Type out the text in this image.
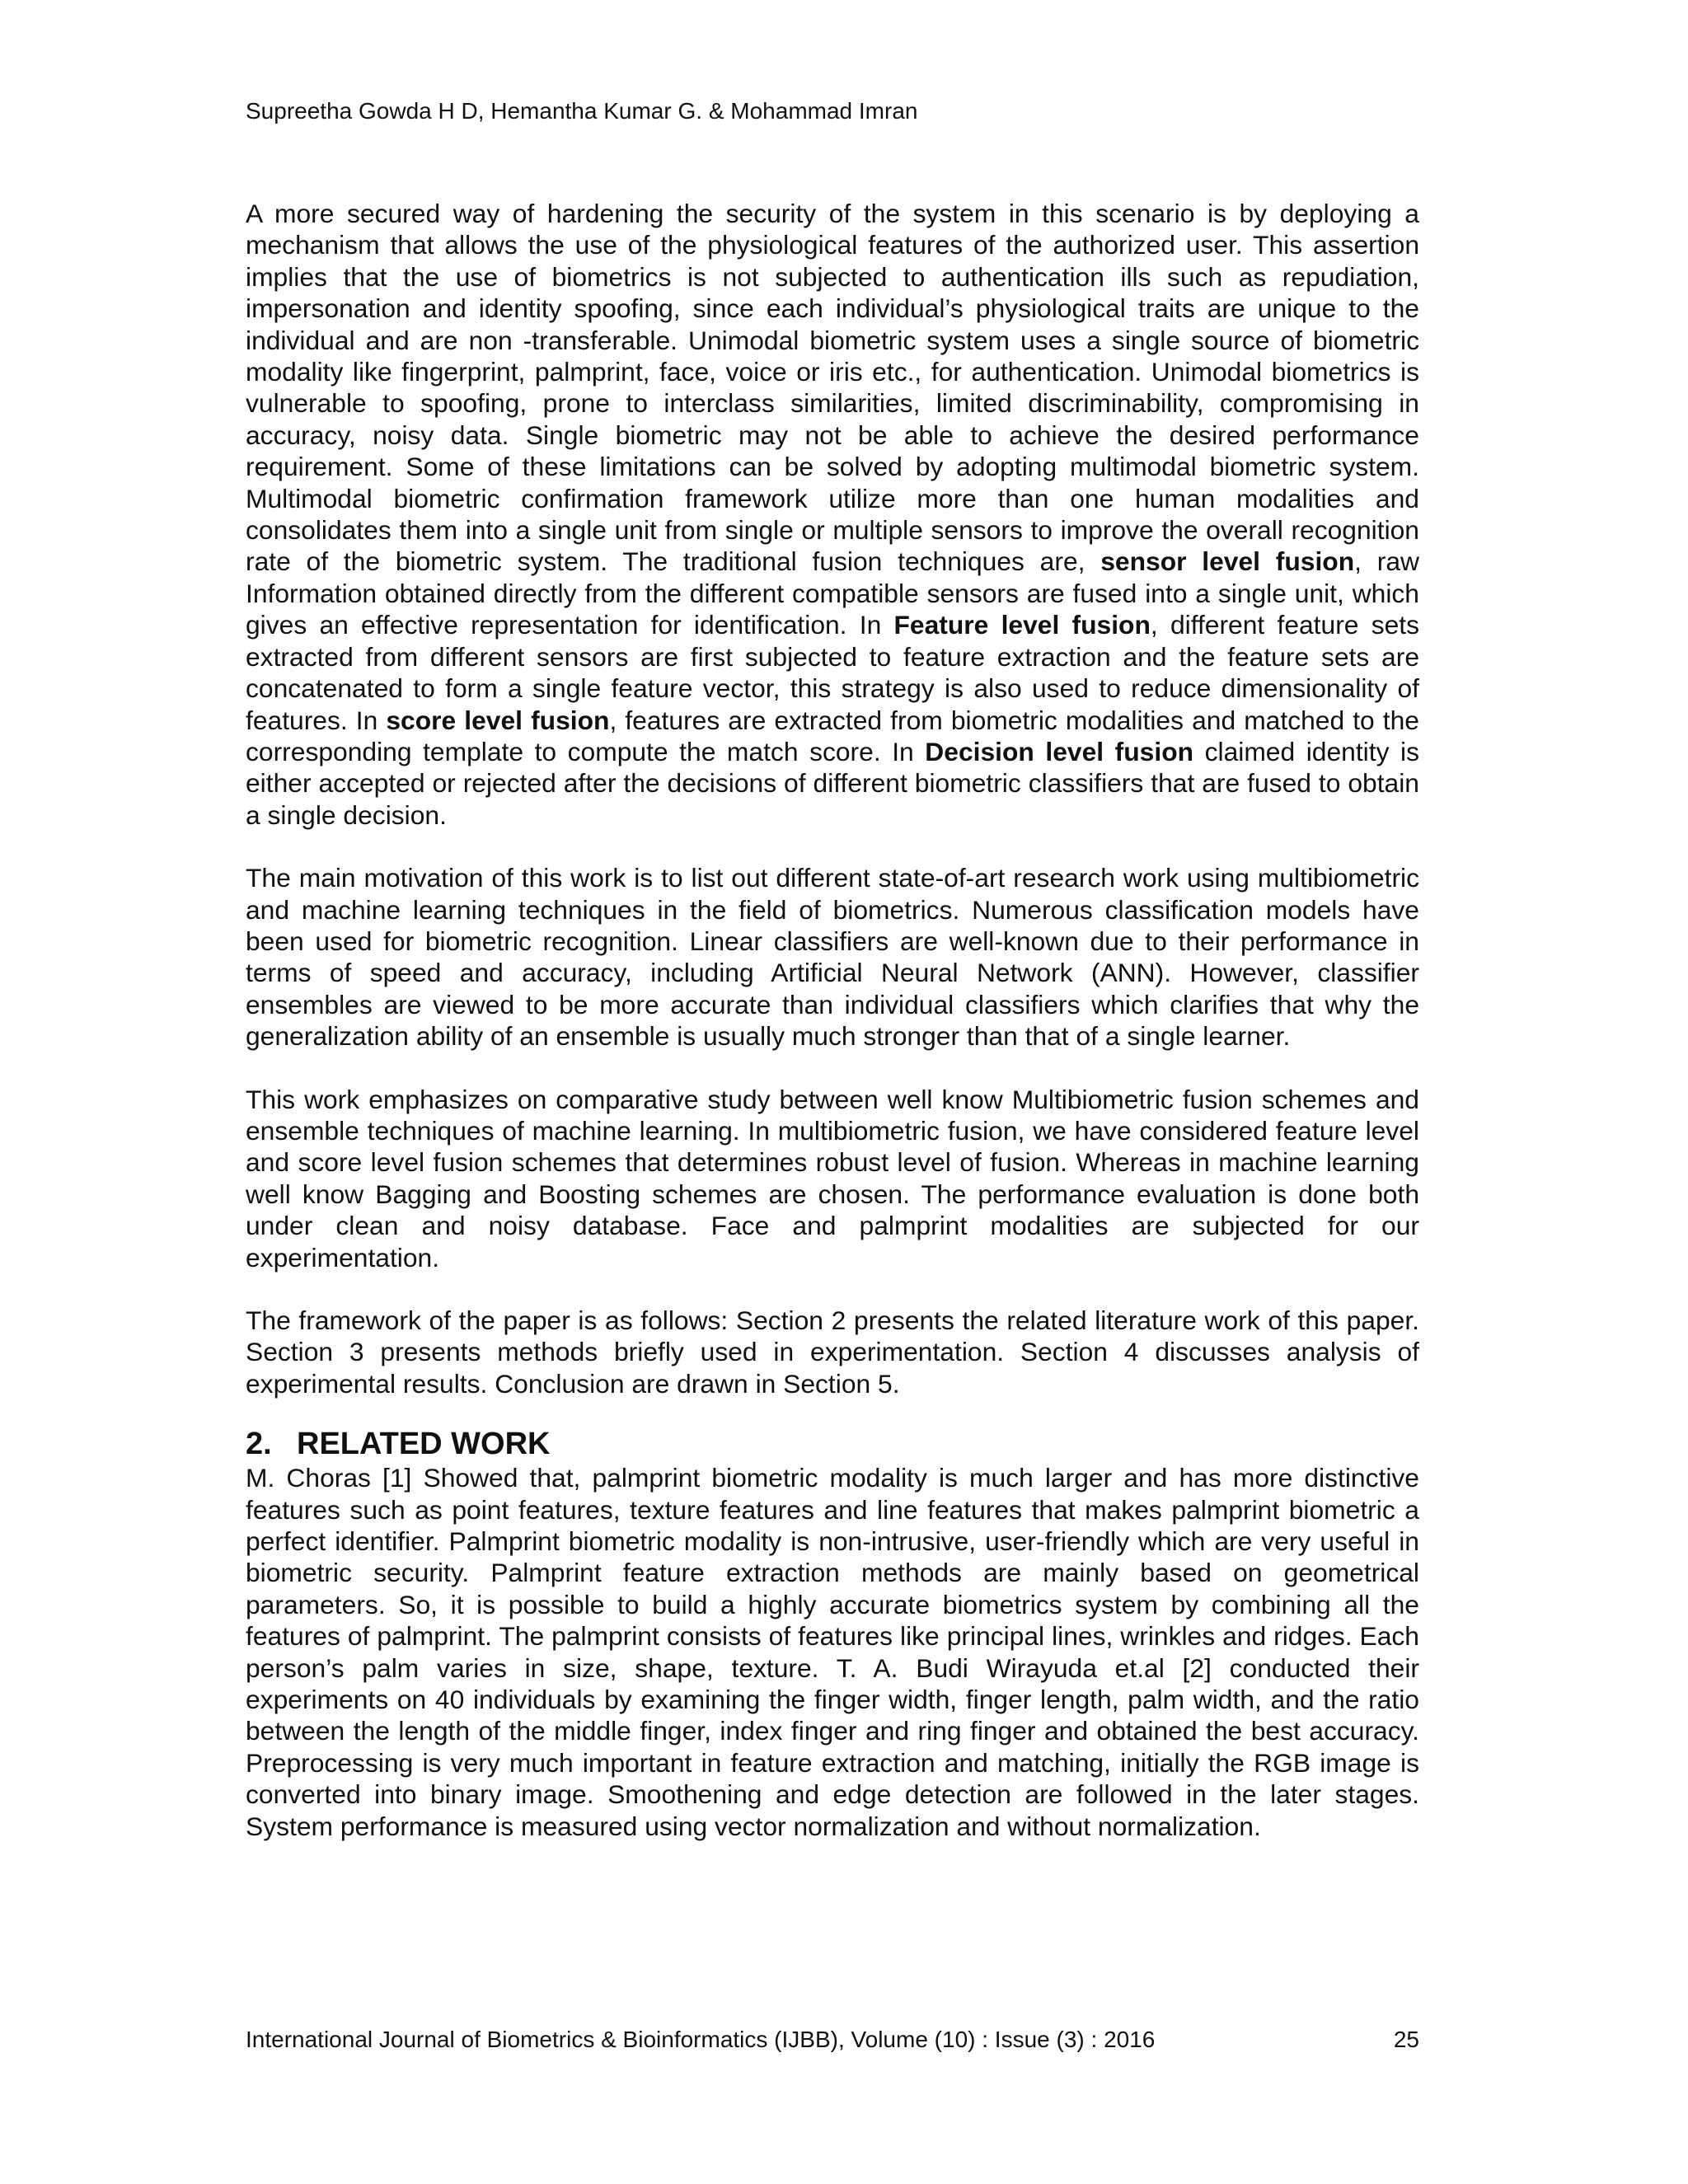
Supreetha Gowda H D, Hemantha Kumar G. & Mohammad Imran

A more secured way of hardening the security of the system in this scenario is by deploying a mechanism that allows the use of the physiological features of the authorized user. This assertion implies that the use of biometrics is not subjected to authentication ills such as repudiation, impersonation and identity spoofing, since each individual’s physiological traits are unique to the individual and are non -transferable. Unimodal biometric system uses a single source of biometric modality like fingerprint, palmprint, face, voice or iris etc., for authentication. Unimodal biometrics is vulnerable to spoofing, prone to interclass similarities, limited discriminability, compromising in accuracy, noisy data. Single biometric may not be able to achieve the desired performance requirement. Some of these limitations can be solved by adopting multimodal biometric system. Multimodal biometric confirmation framework utilize more than one human modalities and consolidates them into a single unit from single or multiple sensors to improve the overall recognition rate of the biometric system. The traditional fusion techniques are, sensor level fusion, raw Information obtained directly from the different compatible sensors are fused into a single unit, which gives an effective representation for identification. In Feature level fusion, different feature sets extracted from different sensors are first subjected to feature extraction and the feature sets are concatenated to form a single feature vector, this strategy is also used to reduce dimensionality of features. In score level fusion, features are extracted from biometric modalities and matched to the corresponding template to compute the match score. In Decision level fusion claimed identity is either accepted or rejected after the decisions of different biometric classifiers that are fused to obtain a single decision.

The main motivation of this work is to list out different state-of-art research work using multibiometric and machine learning techniques in the field of biometrics. Numerous classification models have been used for biometric recognition. Linear classifiers are well-known due to their performance in terms of speed and accuracy, including Artificial Neural Network (ANN). However, classifier ensembles are viewed to be more accurate than individual classifiers which clarifies that why the generalization ability of an ensemble is usually much stronger than that of a single learner.

This work emphasizes on comparative study between well know Multibiometric fusion schemes and ensemble techniques of machine learning. In multibiometric fusion, we have considered feature level and score level fusion schemes that determines robust level of fusion. Whereas in machine learning well know Bagging and Boosting schemes are chosen. The performance evaluation is done both under clean and noisy database. Face and palmprint modalities are subjected for our experimentation.

The framework of the paper is as follows: Section 2 presents the related literature work of this paper. Section 3 presents methods briefly used in experimentation. Section 4 discusses analysis of experimental results. Conclusion are drawn in Section 5.

2. RELATED WORK

M. Choras [1] Showed that, palmprint biometric modality is much larger and has more distinctive features such as point features, texture features and line features that makes palmprint biometric a perfect identifier. Palmprint biometric modality is non-intrusive, user-friendly which are very useful in biometric security. Palmprint feature extraction methods are mainly based on geometrical parameters. So, it is possible to build a highly accurate biometrics system by combining all the features of palmprint. The palmprint consists of features like principal lines, wrinkles and ridges. Each person’s palm varies in size, shape, texture. T. A. Budi Wirayuda et.al [2] conducted their experiments on 40 individuals by examining the finger width, finger length, palm width, and the ratio between the length of the middle finger, index finger and ring finger and obtained the best accuracy. Preprocessing is very much important in feature extraction and matching, initially the RGB image is converted into binary image. Smoothening and edge detection are followed in the later stages. System performance is measured using vector normalization and without normalization.

International Journal of Biometrics & Bioinformatics (IJBB), Volume (10) : Issue (3) : 2016	25
